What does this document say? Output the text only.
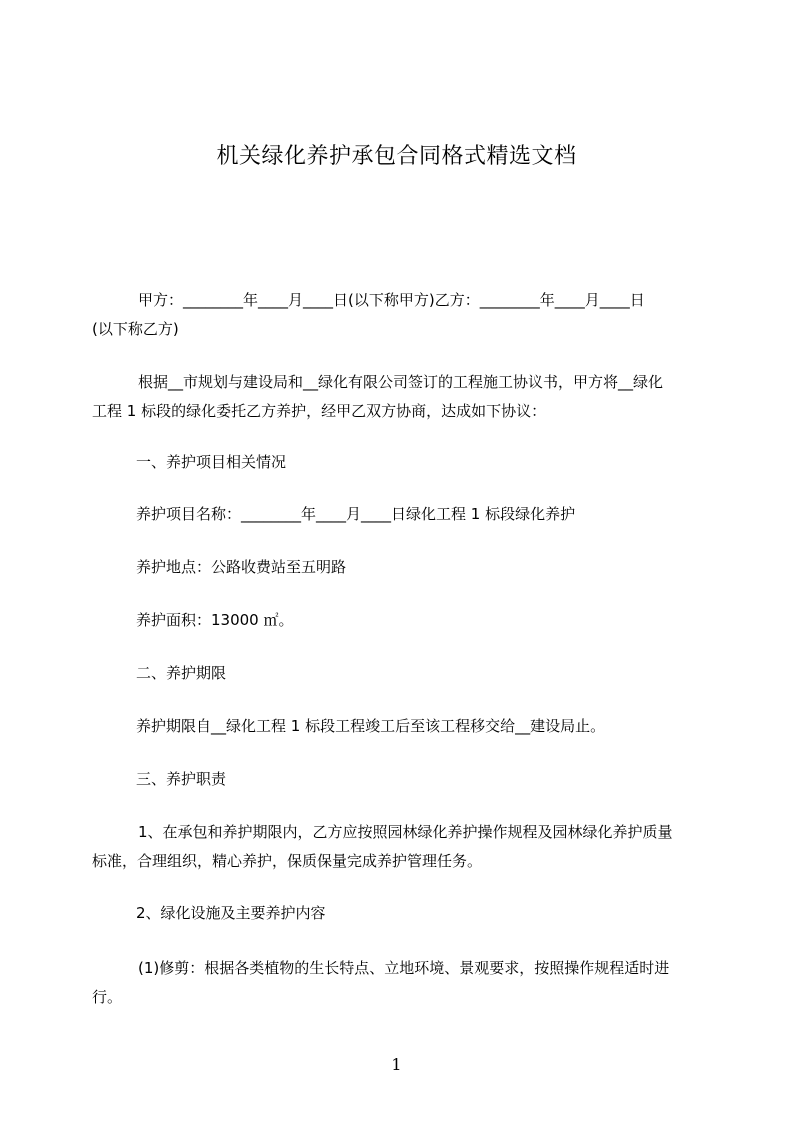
机关绿化养护承包合同格式精选文档
甲方：________年____月____日(以下称甲方)乙方：________年____月____日
(以下称乙方)
根据__市规划与建设局和__绿化有限公司签订的工程施工协议书，甲方将__绿化
工程 1 标段的绿化委托乙方养护，经甲乙双方协商，达成如下协议：
一、养护项目相关情况
养护项目名称：________年____月____日绿化工程 1 标段绿化养护
养护地点：公路收费站至五明路
养护面积：13000 ㎡。
二、养护期限
养护期限自__绿化工程 1 标段工程竣工后至该工程移交给__建设局止。
三、养护职责
1、在承包和养护期限内，乙方应按照园林绿化养护操作规程及园林绿化养护质量
标准，合理组织，精心养护，保质保量完成养护管理任务。
2、绿化设施及主要养护内容
(1)修剪：根据各类植物的生长特点、立地环境、景观要求，按照操作规程适时进
行。
1
